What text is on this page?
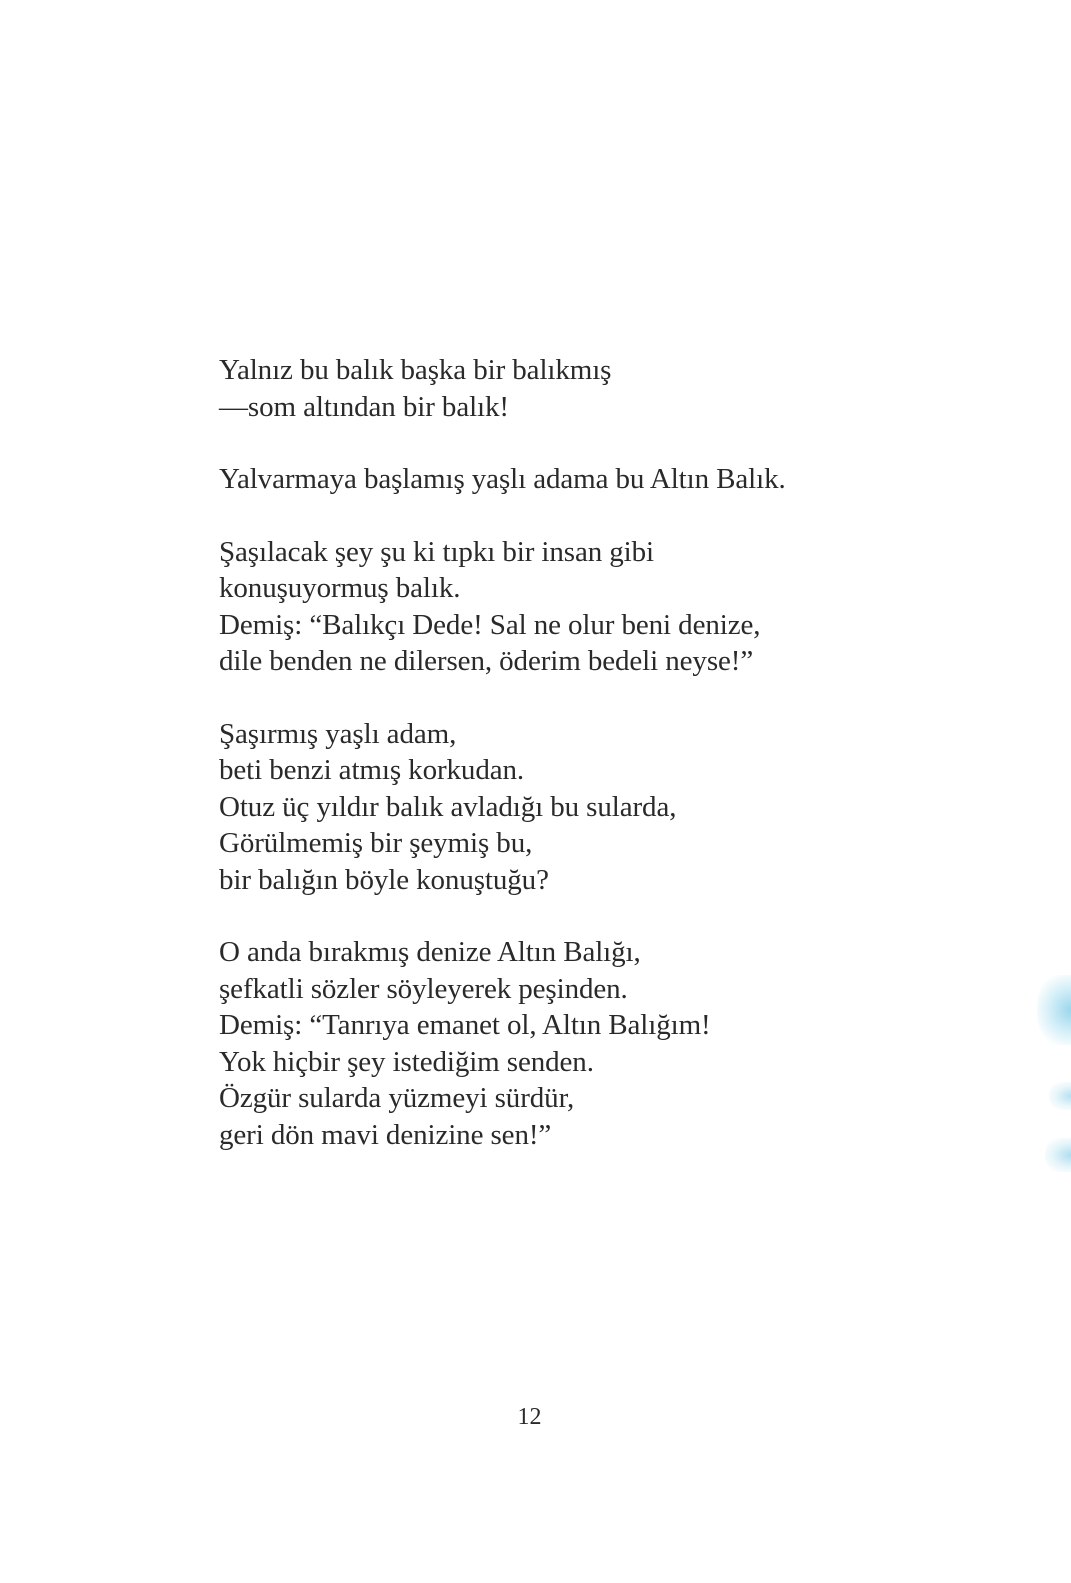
Yalnız bu balık başka bir balıkmış
—som altından bir balık!
Yalvarmaya başlamış yaşlı adama bu Altın Balık.
Şaşılacak şey şu ki tıpkı bir insan gibi
konuşuyormuş balık.
Demiş: “Balıkçı Dede! Sal ne olur beni denize,
dile benden ne dilersen, öderim bedeli neyse!”
Şaşırmış yaşlı adam,
beti benzi atmış korkudan.
Otuz üç yıldır balık avladığı bu sularda,
Görülmemiş bir şeymiş bu,
bir balığın böyle konuştuğu?
O anda bırakmış denize Altın Balığı,
şefkatli sözler söyleyerek peşinden.
Demiş: “Tanrıya emanet ol, Altın Balığım!
Yok hiçbir şey istediğim senden.
Özgür sularda yüzmeyi sürdür,
geri dön mavi denizine sen!”
12
